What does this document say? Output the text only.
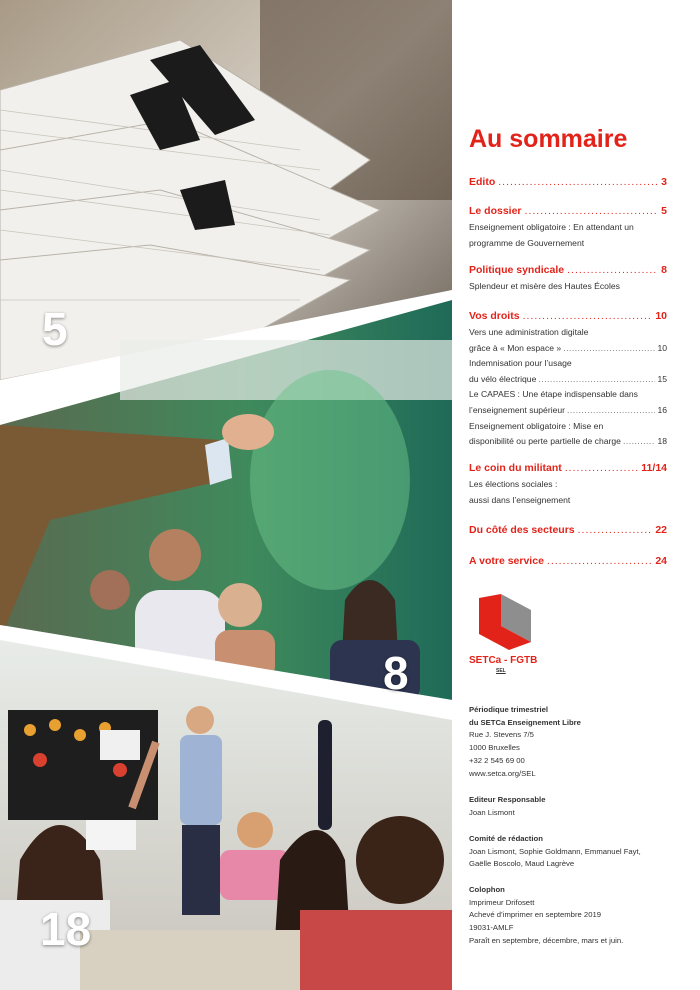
5
8
18
Au sommaire
Edito .....	3
Le dossier .....	5
Enseignement obligatoire : En attendant un
programme de Gouvernement
Politique syndicale .....	8
Splendeur et misère des Hautes Écoles
Vos droits .....	10
Vers une administration digitale
grâce à « Mon espace » .....	10
Indemnisation pour l’usage
du vélo électrique .....	15
Le CAPAES : Une étape indispensable dans
l’enseignement supérieur .....	16
Enseignement obligatoire : Mise en
disponibilité ou perte partielle de charge .....	18
Le coin du militant .....	11/14
Les élections sociales :
aussi dans l’enseignement
Du côté des secteurs .....	22
A votre service .....	24
SETCa - FGTB
SEL
Périodique trimestriel
du SETCa Enseignement Libre
Rue J. Stevens 7/5
1000 Bruxelles
+32 2 545 69 00
www.setca.org/SEL
Editeur Responsable
Joan Lismont
Comité de rédaction
Joan Lismont, Sophie Goldmann, Emmanuel Fayt,
Gaëlle Boscolo, Maud Lagrève
Colophon
Imprimeur Drifosett
Achevé d’imprimer en septembre 2019
19031-AMLF
Paraît en septembre, décembre, mars et juin.
